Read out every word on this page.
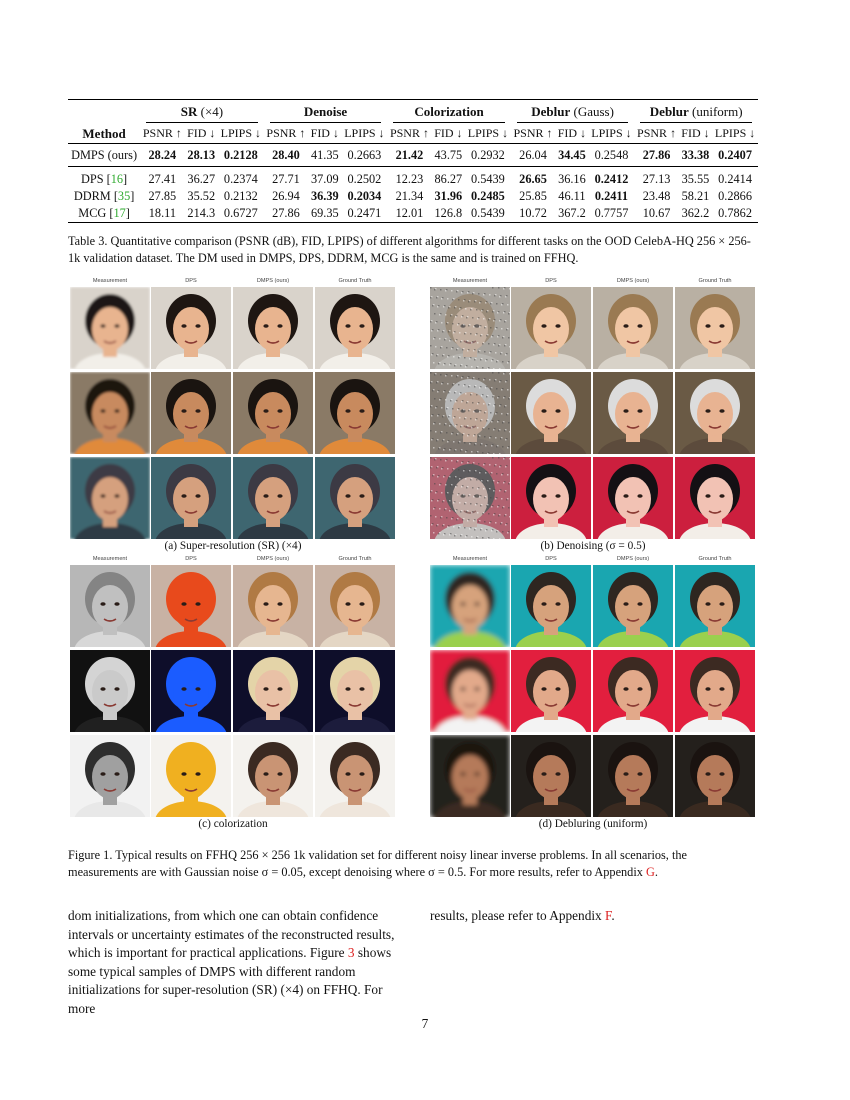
	SR (×4)			Denoise			Colorization			Deblur (Gauss)			Deblur (uniform)		

Method	PSNR ↑	FID ↓	LPIPS ↓	PSNR ↑	FID ↓	LPIPS ↓	PSNR ↑	FID ↓	LPIPS ↓	PSNR ↑	FID ↓	LPIPS ↓	PSNR ↑	FID ↓	LPIPS ↓
DMPS (ours)	28.24	28.13	0.2128	28.40	41.35	0.2663	21.42	43.75	0.2932	26.04	34.45	0.2548	27.86	33.38	0.2407

DPS [16]	27.41	36.27	0.2374	27.71	37.09	0.2502	12.23	86.27	0.5439	26.65	36.16	0.2412	27.13	35.55	0.2414
DDRM [35]	27.85	35.52	0.2132	26.94	36.39	0.2034	21.34	31.96	0.2485	25.85	46.11	0.2411	23.48	58.21	0.2866
MCG [17]	18.11	214.3	0.6727	27.86	69.35	0.2471	12.01	126.8	0.5439	10.72	367.2	0.7757	10.67	362.2	0.7862
Table 3. Quantitative comparison (PSNR (dB), FID, LPIPS) of different algorithms for different tasks on the OOD CelebA-HQ 256 × 256-1k validation dataset. The DM used in DMPS, DPS, DDRM, MCG is the same and is trained on FFHQ.
Measurement	DPS	DMPS (ours)	Ground Truth
(a) Super-resolution (SR) (×4)
Measurement	DPS	DMPS (ours)	Ground Truth
(b) Denoising (σ = 0.5)
Measurement	DPS	DMPS (ours)	Ground Truth
(c) colorization
Measurement	DPS	DMPS (ours)	Ground Truth
(d) Debluring (uniform)
Figure 1. Typical results on FFHQ 256 × 256 1k validation set for different noisy linear inverse problems. In all scenarios, the measurements are with Gaussian noise σ = 0.05, except denoising where σ = 0.5. For more results, refer to Appendix G.
dom initializations, from which one can obtain confidence intervals or uncertainty estimates of the reconstructed results, which is important for practical applications. Figure 3 shows some typical samples of DMPS with different random initializations for super-resolution (SR) (×4) on FFHQ. For more
results, please refer to Appendix F.
7
